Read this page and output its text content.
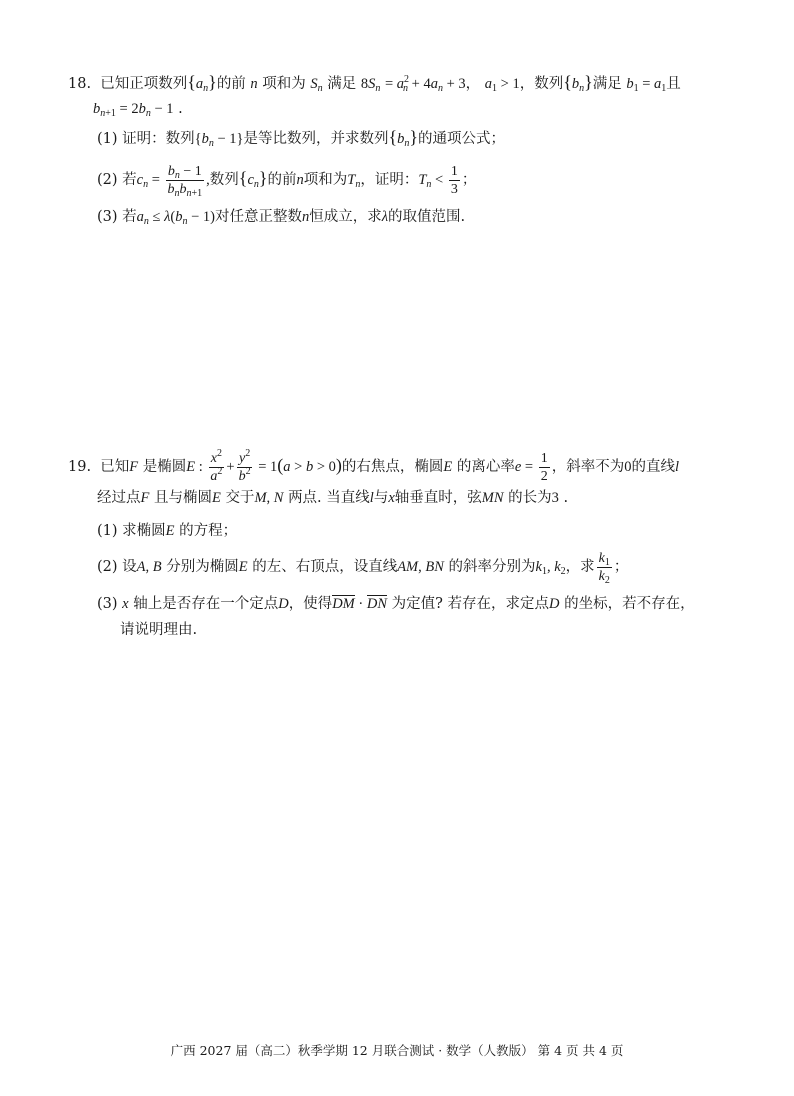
18. 已知正项数列$\{a_n\}$的前 n 项和为 $S_n$ 满足 $8S_n = a^2_n + 4a_n + 3$， $a_1 > 1$，数列$\{b_n\}$满足 $b_1 = a_1$且
$b_{n+1} = 2b_n - 1$ .
(1) 证明：数列$\{b_n - 1\}$是等比数列，并求数列$\{b_n\}$的通项公式；
(2) 若$c_n = \frac{b_n - 1}{b_nb_{n+1}}$ ,数列$\{c_n\}$的前n项和为$T_n$，证明：$T_n < \frac{1}{3}$ ；
(3) 若$a_n \le \lambda(b_n - 1)$对任意正整数n恒成立，求λ的取值范围.
19. 已知F 是椭圆E : $\frac{x^2}{a^2} + \frac{y^2}{b^2} = 1(a > b > 0)$的右焦点，椭圆E 的离心率$e = \frac{1}{2}$ ，斜率不为0的直线l
经过点F 且与椭圆E 交于M, N 两点. 当直线l与x轴垂直时，弦MN 的长为3 .
(1) 求椭圆E 的方程；
(2) 设A, B 分别为椭圆E 的左、右顶点，设直线AM, BN 的斜率分别为$k_1$, $k_2$，求 $\frac{k_1}{k_2}$ ；
(3) x 轴上是否存在一个定点D，使得DM · DN 为定值? 若存在，求定点D 的坐标，若不存在，
请说明理由.
广西 2027 届（高二）秋季学期 12 月联合测试 · 数学（人教版） 第 4 页 共 4 页
